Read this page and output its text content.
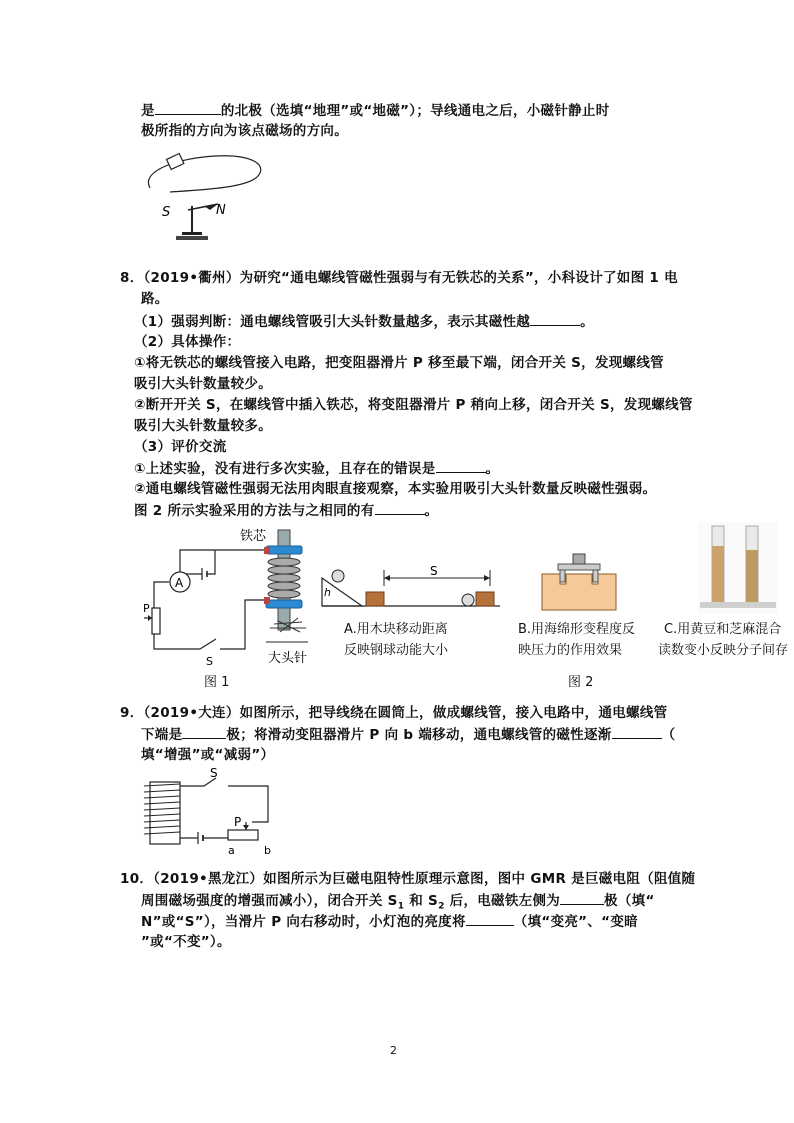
是	的北极（选填“地理”或“地磁”）；导线通电之后，小磁针静止时
极所指的方向为该点磁场的方向。
S	N
8．（2019•衢州）为研究“通电螺线管磁性强弱与有无铁芯的关系”，小科设计了如图 1 电
路。
（1）强弱判断：通电螺线管吸引大头针数量越多，表示其磁性越	。
（2）具体操作：
①将无铁芯的螺线管接入电路，把变阻器滑片 P 移至最下端，闭合开关 S，发现螺线管
吸引大头针数量较少。
②断开开关 S，在螺线管中插入铁芯，将变阻器滑片 P 稍向上移，闭合开关 S，发现螺线管
吸引大头针数量较多。
（3）评价交流
①上述实验，没有进行多次实验，且存在的错误是	。
②通电螺线管磁性强弱无法用肉眼直接观察，本实验用吸引大头针数量反映磁性强弱。
图 2 所示实验采用的方法与之相同的有	。
A
P
S
铁芯
大头针
图 1
h
S
A.用木块移动距离
反映钢球动能大小
B.用海绵形变程度反
映压力的作用效果
C.用黄豆和芝麻混合
读数变小反映分子间存
图 2
9．（2019•大连）如图所示，把导线绕在圆筒上，做成螺线管，接入电路中，通电螺线管
下端是	极；将滑动变阻器滑片 P 向 b 端移动，通电螺线管的磁性逐渐	（
填“增强”或“减弱”）
S
P
a	b
10．（2019•黑龙江）如图所示为巨磁电阻特性原理示意图，图中 GMR 是巨磁电阻（阻值随
周围磁场强度的增强而减小），闭合开关 $S_1$ 和 $S_2$ 后，电磁铁左侧为	极（填“
N”或“S”），当滑片 P 向右移动时，小灯泡的亮度将	（填“变亮”、“变暗
”或“不变”）。
2
